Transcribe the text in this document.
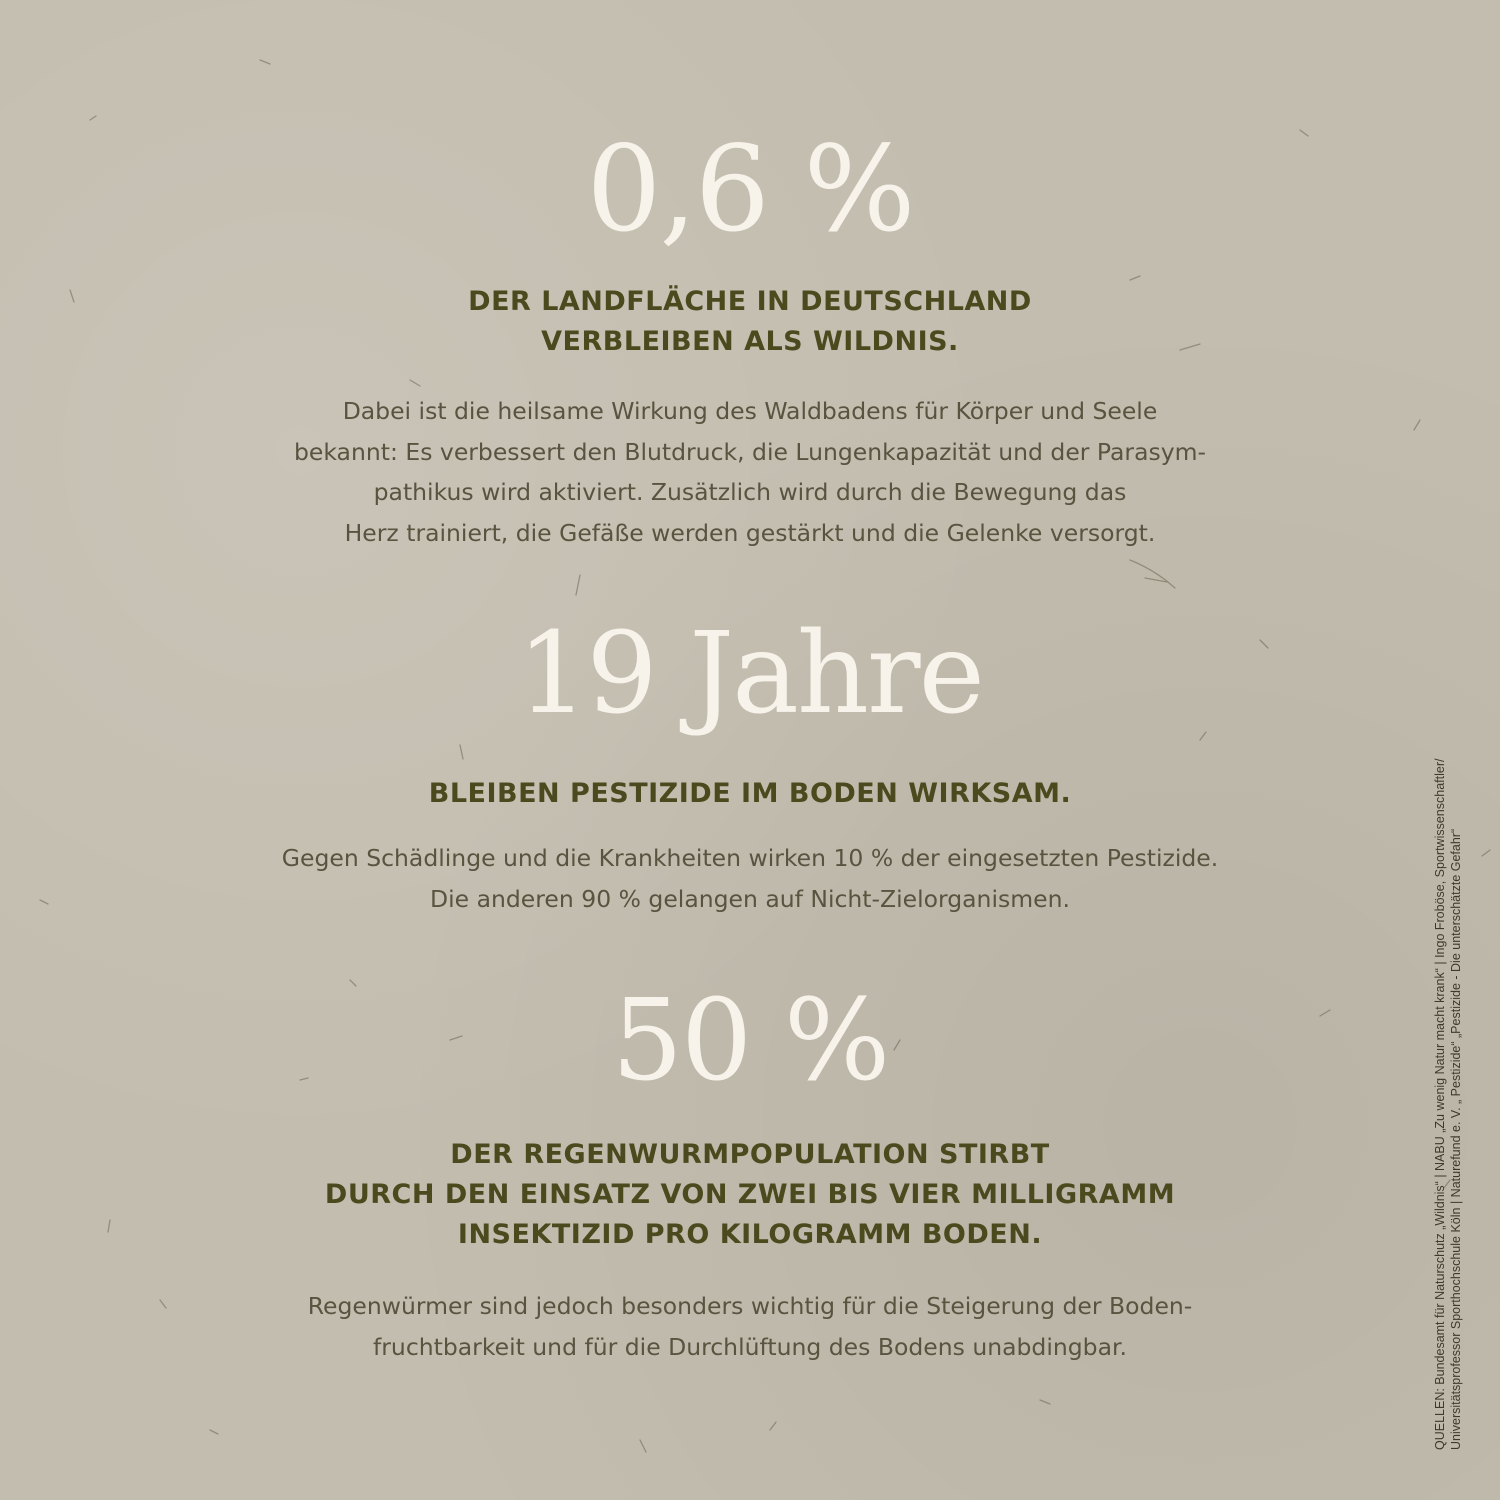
0,6 %
DER LANDFLÄCHE IN DEUTSCHLAND
VERBLEIBEN ALS WILDNIS.

Dabei ist die heilsame Wirkung des Waldbadens für Körper und Seele
bekannt: Es verbessert den Blutdruck, die Lungenkapazität und der Parasym-
pathikus wird aktiviert. Zusätzlich wird durch die Bewegung das
Herz trainiert, die Gefäße werden gestärkt und die Gelenke versorgt.

19 Jahre
BLEIBEN PESTIZIDE IM BODEN WIRKSAM.

Gegen Schädlinge und die Krankheiten wirken 10 % der eingesetzten Pestizide.
Die anderen 90 % gelangen auf Nicht-Zielorganismen.

50 %
DER REGENWURMPOPULATION STIRBT
DURCH DEN EINSATZ VON ZWEI BIS VIER MILLIGRAMM
INSEKTIZID PRO KILOGRAMM BODEN.

Regenwürmer sind jedoch besonders wichtig für die Steigerung der Boden-
fruchtbarkeit und für die Durchlüftung des Bodens unabdingbar.	QUELLEN: Bundesamt für Naturschutz „Wildnis“ | NABU „Zu wenig Natur macht krank“ | Ingo Froböse, Sportwissenschaftler/ Universitätsprofessor Sporthochschule Köln | Naturefund e. V. „ Pestizide“ „Pestizide - Die unterschätzte Gefahr“
